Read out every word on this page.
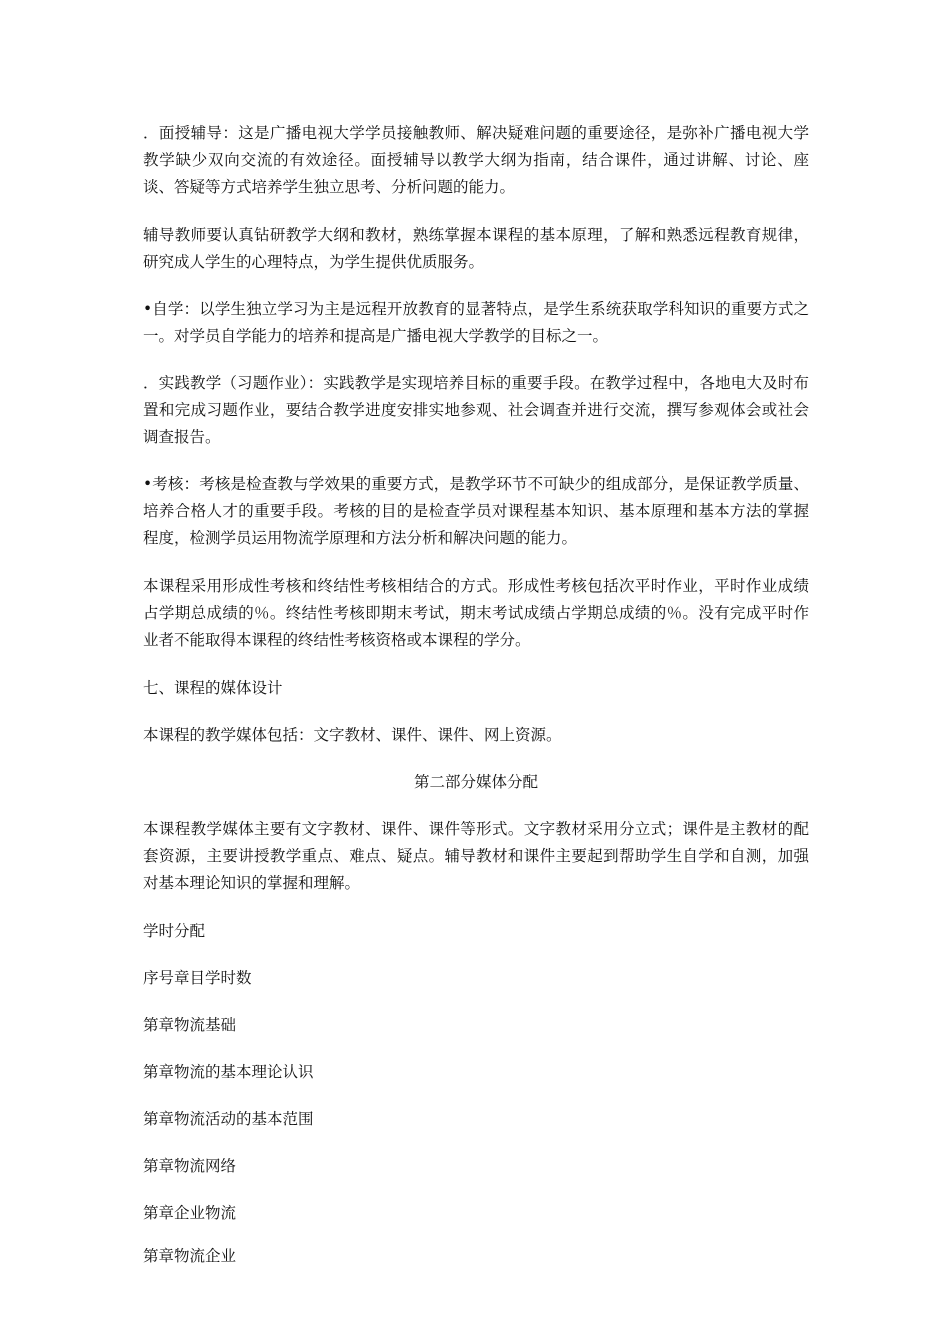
．面授辅导：这是广播电视大学学员接触教师、解决疑难问题的重要途径，是弥补广播电视大学教学缺少双向交流的有效途径。面授辅导以教学大纲为指南，结合课件，通过讲解、讨论、座谈、答疑等方式培养学生独立思考、分析问题的能力。

辅导教师要认真钻研教学大纲和教材，熟练掌握本课程的基本原理，了解和熟悉远程教育规律，研究成人学生的心理特点，为学生提供优质服务。

•自学：以学生独立学习为主是远程开放教育的显著特点，是学生系统获取学科知识的重要方式之一。对学员自学能力的培养和提高是广播电视大学教学的目标之一。

．实践教学（习题作业）：实践教学是实现培养目标的重要手段。在教学过程中，各地电大及时布置和完成习题作业，要结合教学进度安排实地参观、社会调查并进行交流，撰写参观体会或社会调查报告。

•考核：考核是检查教与学效果的重要方式，是教学环节不可缺少的组成部分，是保证教学质量、培养合格人才的重要手段。考核的目的是检查学员对课程基本知识、基本原理和基本方法的掌握程度，检测学员运用物流学原理和方法分析和解决问题的能力。

本课程采用形成性考核和终结性考核相结合的方式。形成性考核包括次平时作业，平时作业成绩占学期总成绩的％。终结性考核即期末考试，期末考试成绩占学期总成绩的％。没有完成平时作业者不能取得本课程的终结性考核资格或本课程的学分。

七、课程的媒体设计

本课程的教学媒体包括：文字教材、课件、课件、网上资源。

第二部分媒体分配

本课程教学媒体主要有文字教材、课件、课件等形式。文字教材采用分立式；课件是主教材的配套资源，主要讲授教学重点、难点、疑点。辅导教材和课件主要起到帮助学生自学和自测，加强对基本理论知识的掌握和理解。

学时分配

序号章目学时数

第章物流基础

第章物流的基本理论认识

第章物流活动的基本范围

第章物流网络

第章企业物流

第章物流企业
